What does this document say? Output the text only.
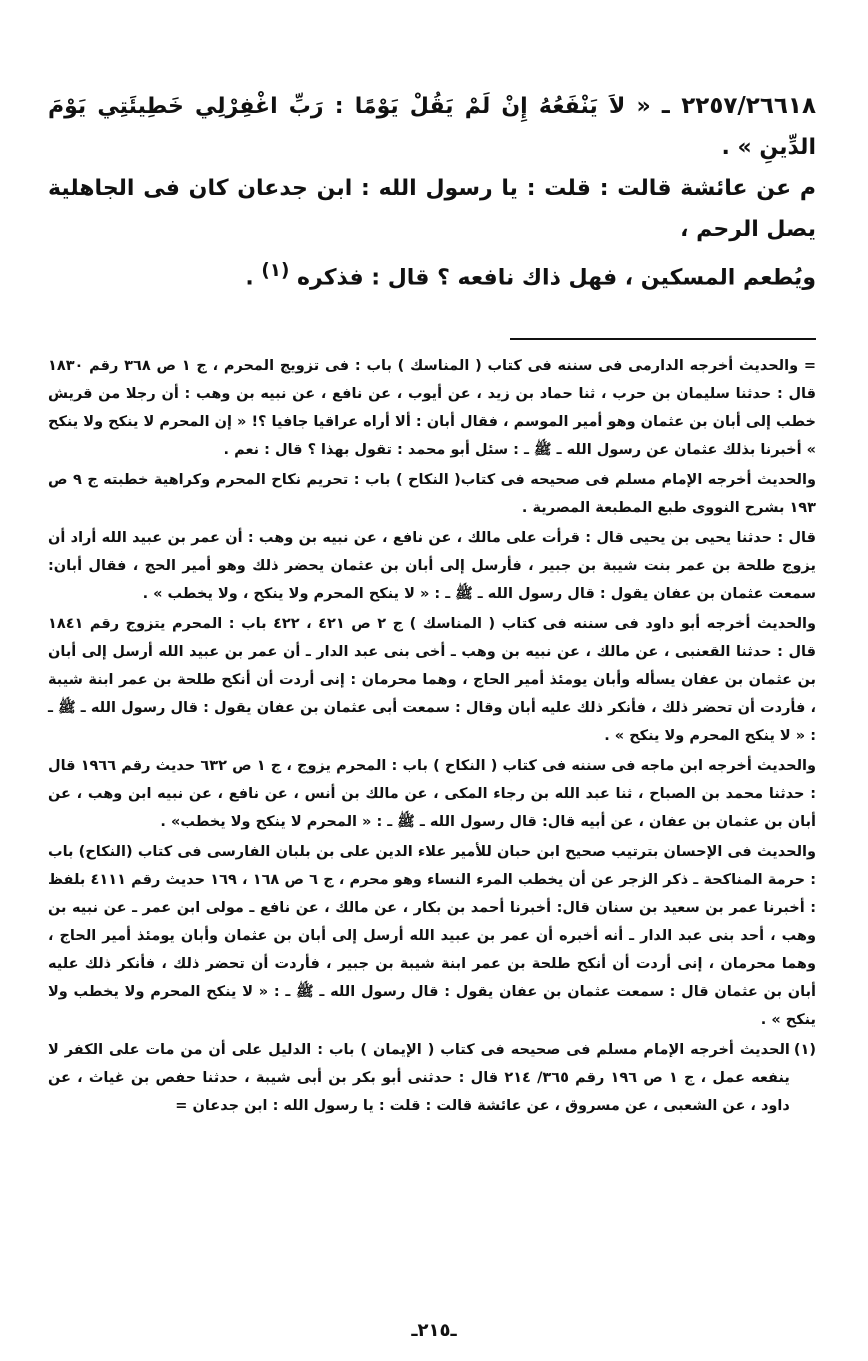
٢٢٥٧/٢٦٦١٨ ـ « لاَ يَنْفَعُهُ إِنْ لَمْ يَقُلْ يَوْمًا : رَبِّ اغْفِرْلِي خَطِيئَتِي يَوْمَ الدِّينِ » .

م عن عائشة قالت : قلت : يا رسول الله : ابن جدعان كان فى الجاهلية يصل الرحم ،

ويُطعم المسكين ، فهل ذاك نافعه ؟ قال : فذكره $^{(١)}$ .

= والحديث أخرجه الدارمى فى سننه فى كتاب ( المناسك ) باب : فى تزويج المحرم ، ج ١ ص ٣٦٨ رقم ١٨٣٠ قال : حدثنا سليمان بن حرب ، ثنا حماد بن زيد ، عن أيوب ، عن نافع ، عن نبيه بن وهب : أن رجلا من قريش خطب إلى أبان بن عثمان وهو أمير الموسم ، فقال أبان : ألا أراه عراقيا جافيا ؟! « إن المحرم لا ينكح ولا ينكح » أخبرنا بذلك عثمان عن رسول الله ـ ﷺ ـ : سئل أبو محمد : تقول بهذا ؟ قال : نعم .

والحديث أخرجه الإمام مسلم فى صحيحه فى كتاب( النكاح ) باب : تحريم نكاح المحرم وكراهية خطبته ج ٩ ص ١٩٣ بشرح النووى طبع المطبعة المصرية .

قال : حدثنا يحيى بن يحيى قال : قرأت على مالك ، عن نافع ، عن نبيه بن وهب : أن عمر بن عبيد الله أراد أن يزوج طلحة بن عمر بنت شيبة بن جبير ، فأرسل إلى أبان بن عثمان يحضر ذلك وهو أمير الحج ، فقال أبان: سمعت عثمان بن عفان يقول : قال رسول الله ـ ﷺ ـ : « لا ينكح المحرم ولا ينكح ، ولا يخطب » .

والحديث أخرجه أبو داود فى سننه فى كتاب ( المناسك ) ج ٢ ص ٤٢١ ، ٤٢٢ باب : المحرم يتزوج رقم ١٨٤١ قال : حدثنا القعنبى ، عن مالك ، عن نبيه بن وهب ـ أخى بنى عبد الدار ـ أن عمر بن عبيد الله أرسل إلى أبان بن عثمان بن عفان يسأله وأبان يومئذ أمير الحاج ، وهما محرمان : إنى أردت أن أنكح طلحة بن عمر ابنة شيبة ، فأردت أن تحضر ذلك ، فأنكر ذلك عليه أبان وقال : سمعت أبى عثمان بن عفان يقول : قال رسول الله ـ ﷺ ـ : « لا ينكح المحرم ولا ينكح » .

والحديث أخرجه ابن ماجه فى سننه فى كتاب ( النكاح ) باب : المحرم يزوج ، ج ١ ص ٦٣٢ حديث رقم ١٩٦٦ قال : حدثنا محمد بن الصباح ، ثنا عبد الله بن رجاء المكى ، عن مالك بن أنس ، عن نافع ، عن نبيه ابن وهب ، عن أبان بن عثمان بن عفان ، عن أبيه قال: قال رسول الله ـ ﷺ ـ : « المحرم لا ينكح ولا يخطب» .

والحديث فى الإحسان بترتيب صحيح ابن حبان للأمير علاء الدين على بن بلبان الفارسى فى كتاب (النكاح) باب : حرمة المناكحة ـ ذكر الزجر عن أن يخطب المرء النساء وهو محرم ، ج ٦ ص ١٦٨ ، ١٦٩ حديث رقم ٤١١١ بلفظ : أخبرنا عمر بن سعيد بن سنان قال: أخبرنا أحمد بن بكار ، عن مالك ، عن نافع ـ مولى ابن عمر ـ عن نبيه بن وهب ، أحد بنى عبد الدار ـ أنه أخبره أن عمر بن عبيد الله أرسل إلى أبان بن عثمان وأبان يومئذ أمير الحاج ، وهما محرمان ، إنى أردت أن أنكح طلحة بن عمر ابنة شيبة بن جبير ، فأردت أن تحضر ذلك ، فأنكر ذلك عليه أبان بن عثمان قال : سمعت عثمان بن عفان يقول : قال رسول الله ـ ﷺ ـ : « لا ينكح المحرم ولا يخطب ولا ينكح » .

(١)
الحديث أخرجه الإمام مسلم فى صحيحه فى كتاب ( الإيمان ) باب : الدليل على أن من مات على الكفر لا ينفعه عمل ، ج ١ ص ١٩٦ رقم ٣٦٥/ ٢١٤ قال : حدثنى أبو بكر بن أبى شيبة ، حدثنا حفص بن غياث ، عن داود ، عن الشعبى ، عن مسروق ، عن عائشة قالت : قلت : يا رسول الله : ابن جدعان =
ـ٢١٥ـ
